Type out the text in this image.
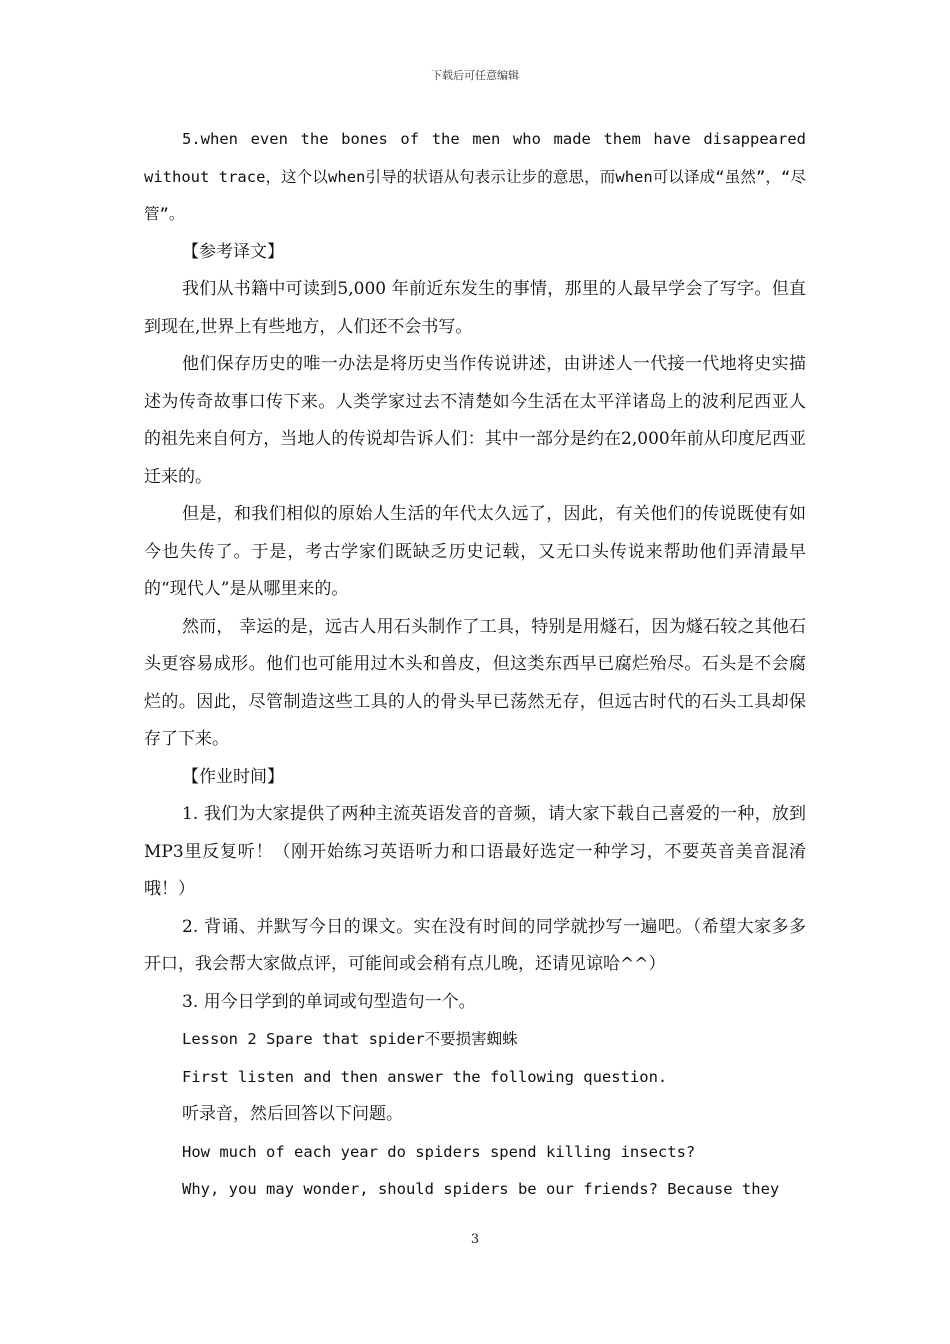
下载后可任意编辑

5.when even the bones of the men who made them have disappeared without trace，这个以when引导的状语从句表示让步的意思，而when可以译成“虽然”，“尽管”。

【参考译文】

我们从书籍中可读到5,000 年前近东发生的事情，那里的人最早学会了写字。但直到现在,世界上有些地方，人们还不会书写。

他们保存历史的唯一办法是将历史当作传说讲述，由讲述人一代接一代地将史实描述为传奇故事口传下来。人类学家过去不清楚如今生活在太平洋诸岛上的波利尼西亚人的祖先来自何方，当地人的传说却告诉人们：其中一部分是约在2,000年前从印度尼西亚迁来的。

但是，和我们相似的原始人生活的年代太久远了，因此，有关他们的传说既使有如今也失传了。于是，考古学家们既缺乏历史记载，又无口头传说来帮助他们弄清最早的“现代人”是从哪里来的。

然而， 幸运的是，远古人用石头制作了工具，特别是用燧石，因为燧石较之其他石头更容易成形。他们也可能用过木头和兽皮，但这类东西早已腐烂殆尽。石头是不会腐烂的。因此，尽管制造这些工具的人的骨头早已荡然无存，但远古时代的石头工具却保存了下来。

【作业时间】

1. 我们为大家提供了两种主流英语发音的音频，请大家下载自己喜爱的一种，放到MP3里反复听！（刚开始练习英语听力和口语最好选定一种学习，不要英音美音混淆哦！）

2. 背诵、并默写今日的课文。实在没有时间的同学就抄写一遍吧。（希望大家多多开口，我会帮大家做点评，可能间或会稍有点儿晚，还请见谅哈^^）

3. 用今日学到的单词或句型造句一个。

Lesson 2 Spare that spider不要损害蜘蛛

First listen and then answer the following question.

听录音，然后回答以下问题。

How much of each year do spiders spend killing insects?

Why, you may wonder, should spiders be our friends? Because they

3
